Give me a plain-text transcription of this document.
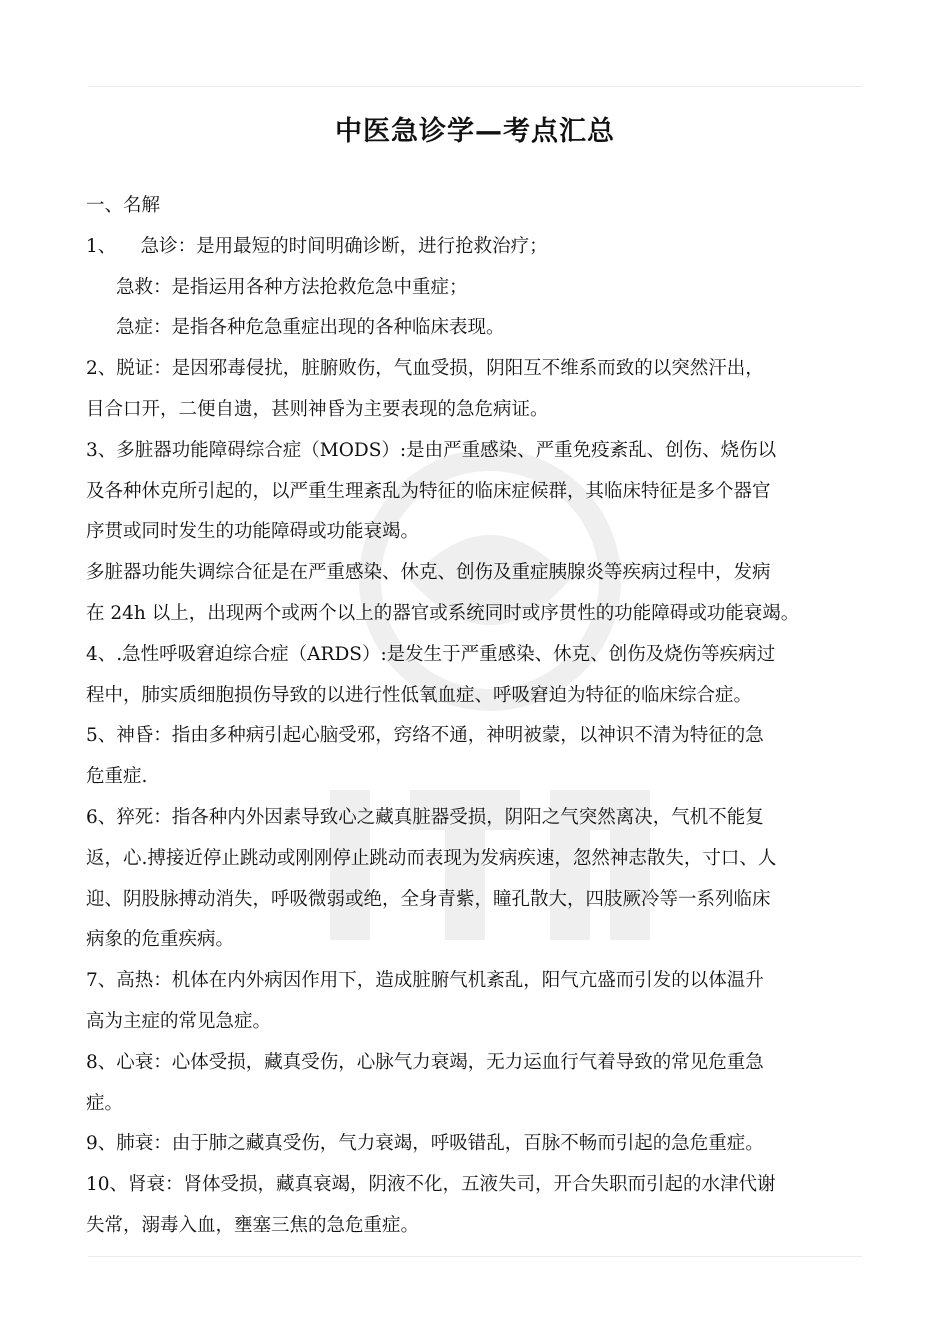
中医急诊学—考点汇总
一、名解
1、 　急诊：是用最短的时间明确诊断，进行抢救治疗；
急救：是指运用各种方法抢救危急中重症；
急症：是指各种危急重症出现的各种临床表现。
2、脱证：是因邪毒侵扰，脏腑败伤，气血受损，阴阳互不维系而致的以突然汗出，
目合口开，二便自遗，甚则神昏为主要表现的急危病证。
3、多脏器功能障碍综合症（MODS）:是由严重感染、严重免疫紊乱、创伤、烧伤以
及各种休克所引起的，以严重生理紊乱为特征的临床症候群，其临床特征是多个器官
序贯或同时发生的功能障碍或功能衰竭。
多脏器功能失调综合征是在严重感染、休克、创伤及重症胰腺炎等疾病过程中，发病
在 24h 以上，出现两个或两个以上的器官或系统同时或序贯性的功能障碍或功能衰竭。
4、.急性呼吸窘迫综合症（ARDS）:是发生于严重感染、休克、创伤及烧伤等疾病过
程中，肺实质细胞损伤导致的以进行性低氧血症、呼吸窘迫为特征的临床综合症。
5、神昏：指由多种病引起心脑受邪，窍络不通，神明被蒙，以神识不清为特征的急
危重症.
6、猝死：指各种内外因素导致心之藏真脏器受损，阴阳之气突然离决，气机不能复
返，心.搏接近停止跳动或刚刚停止跳动而表现为发病疾速，忽然神志散失，寸口、人
迎、阴股脉搏动消失，呼吸微弱或绝，全身青紫，瞳孔散大，四肢厥冷等一系列临床
病象的危重疾病。
7、高热：机体在内外病因作用下，造成脏腑气机紊乱，阳气亢盛而引发的以体温升
高为主症的常见急症。
8、心衰：心体受损，藏真受伤，心脉气力衰竭，无力运血行气着导致的常见危重急
症。
9、肺衰：由于肺之藏真受伤，气力衰竭，呼吸错乱，百脉不畅而引起的急危重症。
10、肾衰：肾体受损，藏真衰竭，阴液不化，五液失司，开合失职而引起的水津代谢
失常，溺毒入血，壅塞三焦的急危重症。
